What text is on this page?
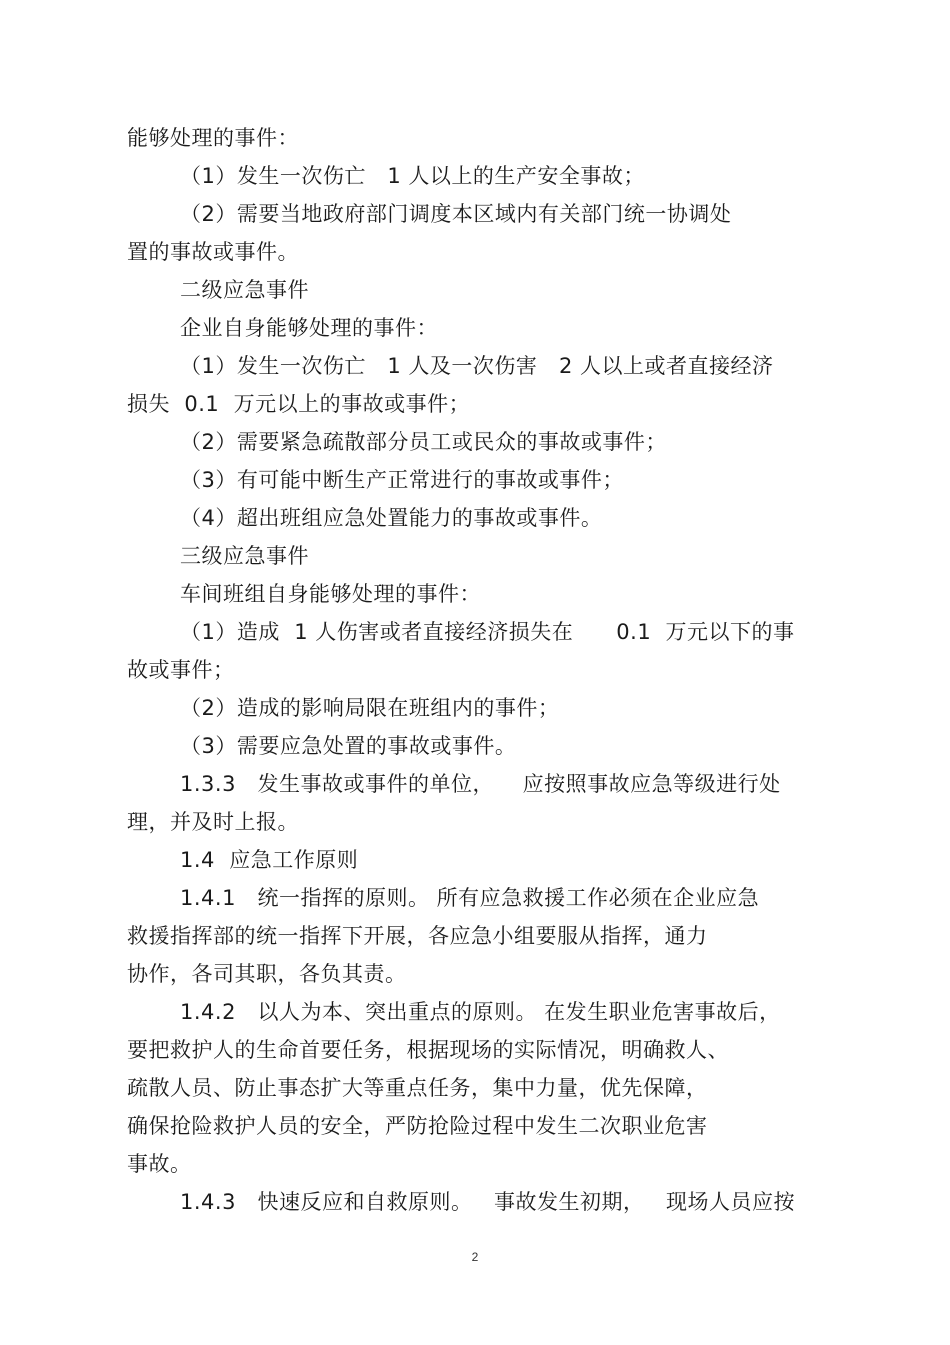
能够处理的事件：
（1）发生一次伤亡   1 人以上的生产安全事故；
（2）需要当地政府部门调度本区域内有关部门统一协调处
置的事故或事件。
二级应急事件
企业自身能够处理的事件：
（1）发生一次伤亡   1 人及一次伤害   2 人以上或者直接经济
损失  0.1  万元以上的事故或事件；
（2）需要紧急疏散部分员工或民众的事故或事件；
（3）有可能中断生产正常进行的事故或事件；
（4）超出班组应急处置能力的事故或事件。
三级应急事件
车间班组自身能够处理的事件：
（1）造成  1 人伤害或者直接经济损失在      0.1  万元以下的事
故或事件；
（2）造成的影响局限在班组内的事件；
（3）需要应急处置的事故或事件。
1.3.3   发生事故或事件的单位，    应按照事故应急等级进行处
理，并及时上报。
1.4  应急工作原则
1.4.1   统一指挥的原则。 所有应急救援工作必须在企业应急
救援指挥部的统一指挥下开展，各应急小组要服从指挥，通力
协作，各司其职，各负其责。
1.4.2   以人为本、突出重点的原则。 在发生职业危害事故后，
要把救护人的生命首要任务，根据现场的实际情况，明确救人、
疏散人员、防止事态扩大等重点任务，集中力量，优先保障，
确保抢险救护人员的安全，严防抢险过程中发生二次职业危害
事故。
1.4.3   快速反应和自救原则。   事故发生初期，   现场人员应按
2
